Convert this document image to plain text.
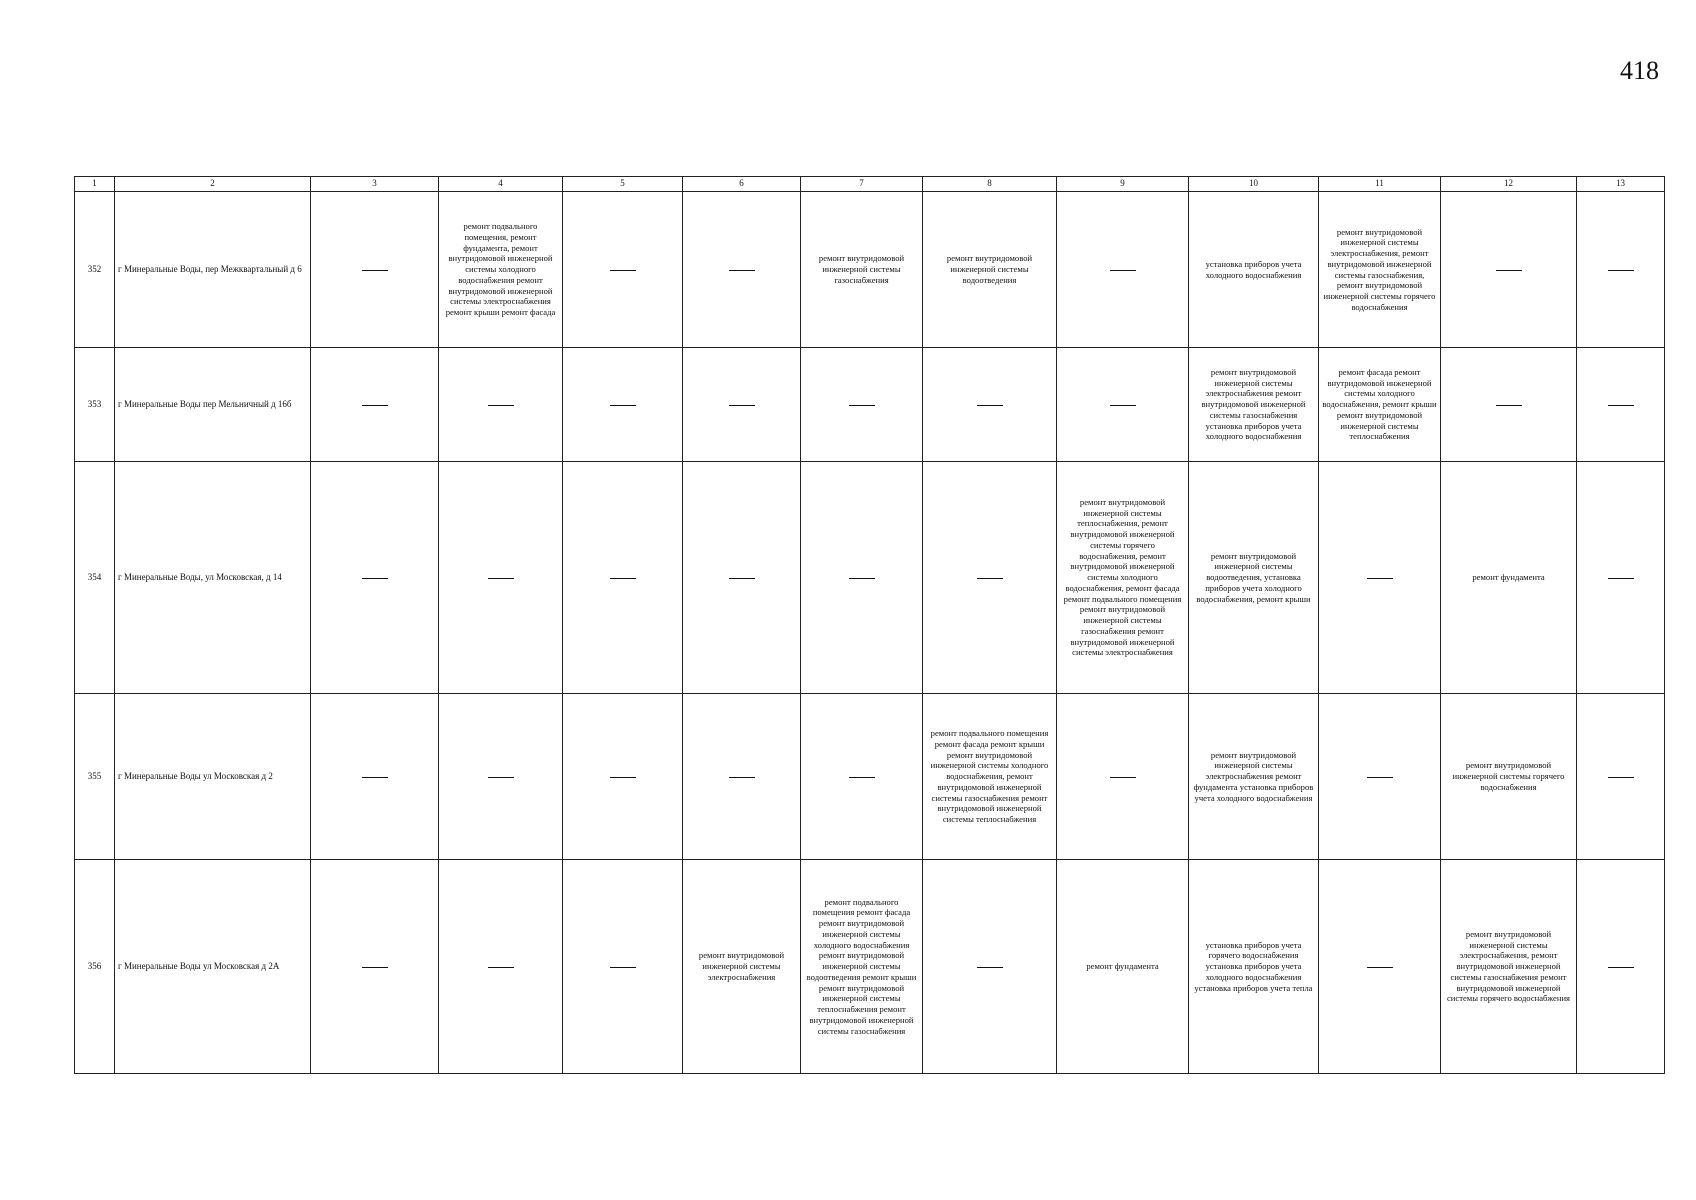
418
1	2	3	4	5	6	7	8	9	10	11	12	13
352	г Минеральные Воды, пер Межквартальный д 6		ремонт подвального помещения, ремонт фундамента, ремонт внутридомовой инженерной системы холодного водоснабжения ремонт внутридомовой инженерной системы электроснабжения ремонт крыши ремонт фасада			ремонт внутридомовой инженерной системы газоснабжения	ремонт внутридомовой инженерной системы водоотведения		установка приборов учета холодного водоснабжения	ремонт внутридомовой инженерной системы электроснабжения, ремонт внутридомовой инженерной системы газоснабжения, ремонт внутридомовой инженерной системы горячего водоснабжения		
353	г Минеральные Воды пер Мельничный д 16б								ремонт внутридомовой инженерной системы электроснабжения ремонт внутридомовой инженерной системы газоснабжения установка приборов учета холодного водоснабжения	ремонт фасада ремонт внутридомовой инженерной системы холодного водоснабжения, ремонт крыши ремонт внутридомовой инженерной системы теплоснабжения		
354	г Минеральные Воды, ул Московская, д 14							ремонт внутридомовой инженерной системы теплоснабжения, ремонт внутридомовой инженерной системы горячего водоснабжения, ремонт внутридомовой инженерной системы холодного водоснабжения, ремонт фасада ремонт подвального помещения ремонт внутридомовой инженерной системы газоснабжения ремонт внутридомовой инженерной системы электроснабжения	ремонт внутридомовой инженерной системы водоотведения, установка приборов учета холодного водоснабжения, ремонт крыши		ремонт фундамента	
355	г Минеральные Воды ул Московская д 2						ремонт подвального помещения ремонт фасада ремонт крыши ремонт внутридомовой инженерной системы холодного водоснабжения, ремонт внутридомовой инженерной системы газоснабжения ремонт внутридомовой инженерной системы теплоснабжения		ремонт внутридомовой инженерной системы электроснабжения ремонт фундамента установка приборов учета холодного водоснабжения		ремонт внутридомовой инженерной системы горячего водоснабжения	
356	г Минеральные Воды ул Московская д 2А				ремонт внутридомовой инженерной системы электроснабжения	ремонт подвального помещения ремонт фасада ремонт внутридомовой инженерной системы холодного водоснабжения ремонт внутридомовой инженерной системы водоотведения ремонт крыши ремонт внутридомовой инженерной системы теплоснабжения ремонт внутридомовой инженерной системы газоснабжения		ремонт фундамента	установка приборов учета горячего водоснабжения установка приборов учета холодного водоснабжения установка приборов учета тепла		ремонт внутридомовой инженерной системы электроснабжения, ремонт внутридомовой инженерной системы газоснабжения ремонт внутридомовой инженерной системы горячего водоснабжения	
